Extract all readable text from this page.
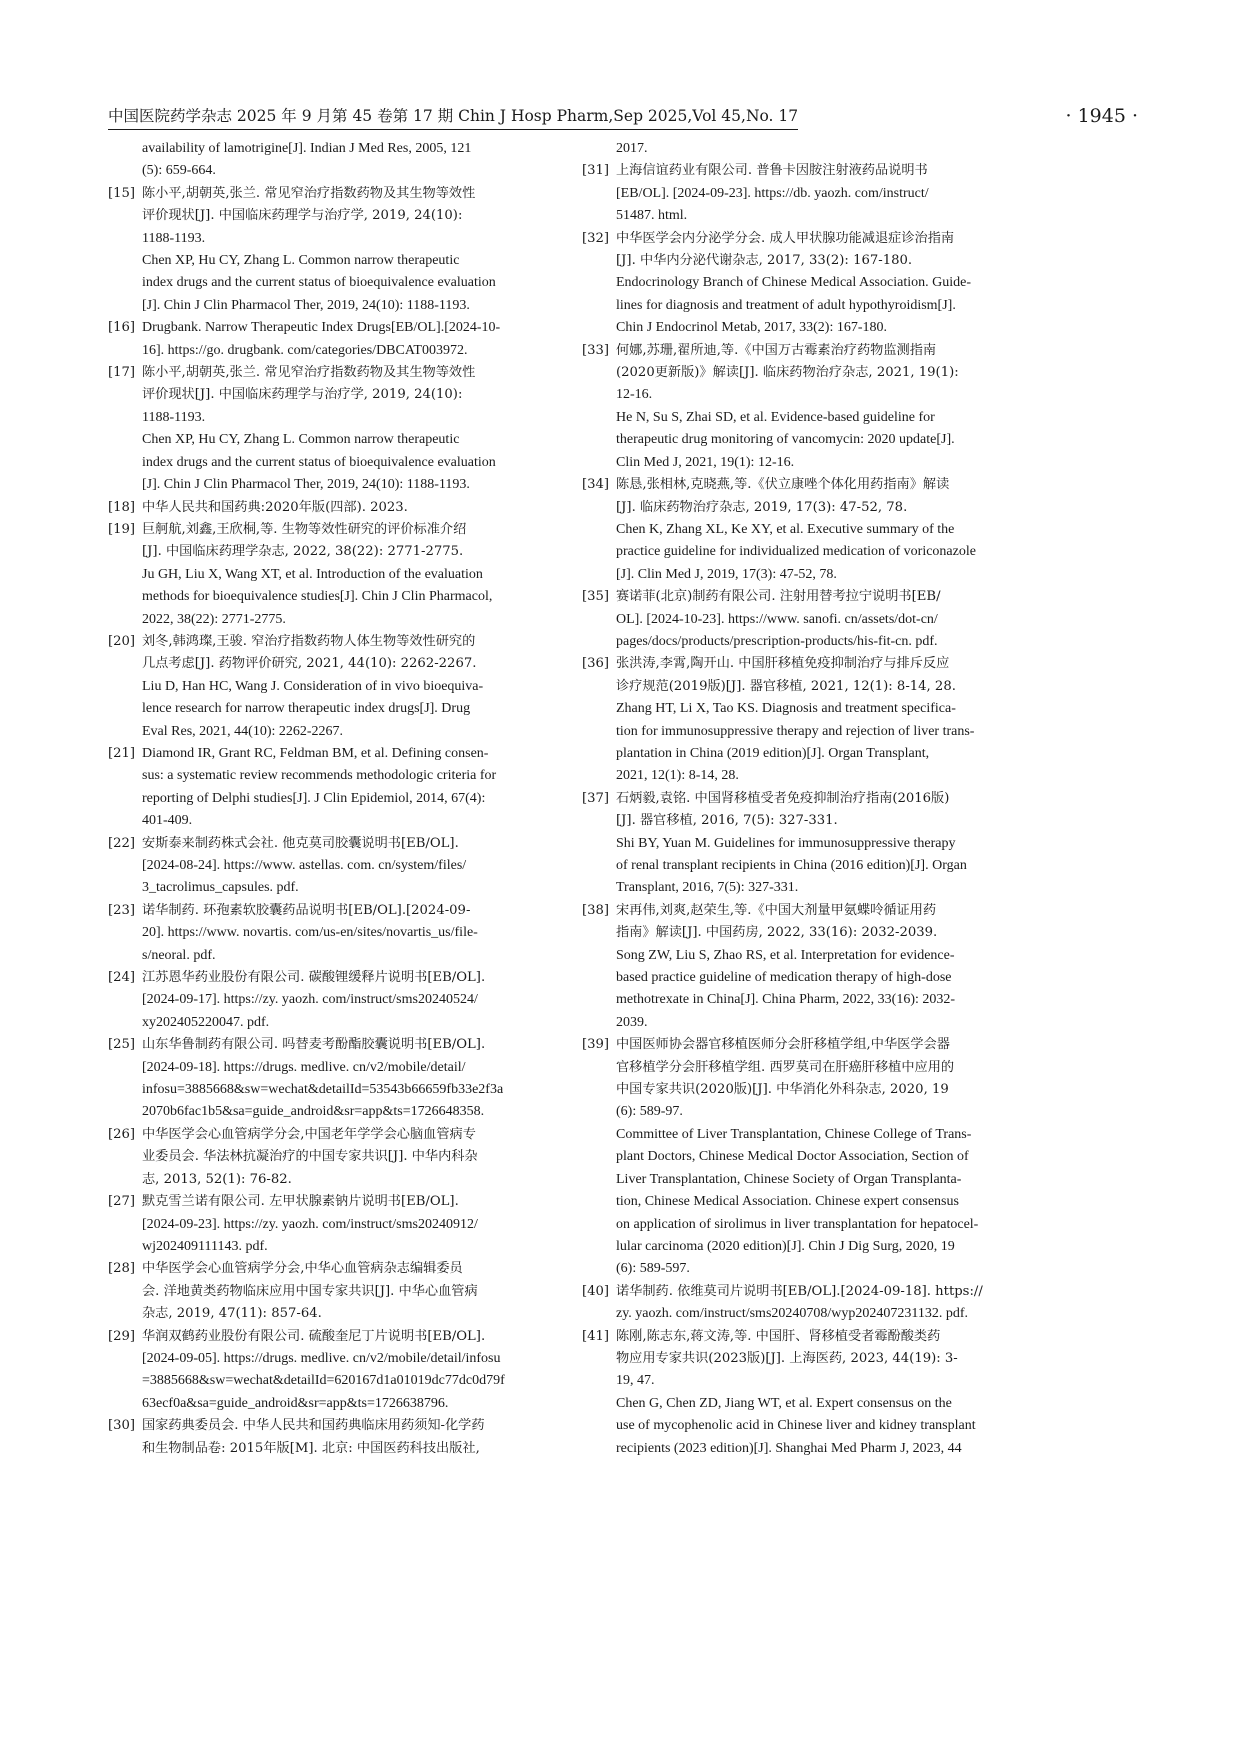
中国医院药学杂志 2025 年 9 月第 45 卷第 17 期 Chin J Hosp Pharm,Sep 2025,Vol 45,No. 17	· 1945 ·
availability of lamotrigine[J]. Indian J Med Res, 2005, 121
(5): 659-664.
[15] 陈小平,胡朝英,张兰. 常见窄治疗指数药物及其生物等效性
评价现状[J]. 中国临床药理学与治疗学, 2019, 24(10):
1188-1193.
Chen XP, Hu CY, Zhang L. Common narrow therapeutic
index drugs and the current status of bioequivalence evaluation
[J]. Chin J Clin Pharmacol Ther, 2019, 24(10): 1188-1193.
[16] Drugbank. Narrow Therapeutic Index Drugs[EB/OL].[2024-10-
16]. https://go. drugbank. com/categories/DBCAT003972.
[17] 陈小平,胡朝英,张兰. 常见窄治疗指数药物及其生物等效性
评价现状[J]. 中国临床药理学与治疗学, 2019, 24(10):
1188-1193.
Chen XP, Hu CY, Zhang L. Common narrow therapeutic
index drugs and the current status of bioequivalence evaluation
[J]. Chin J Clin Pharmacol Ther, 2019, 24(10): 1188-1193.
[18] 中华人民共和国药典:2020年版(四部). 2023.
[19] 巨舸航,刘鑫,王欣桐,等. 生物等效性研究的评价标准介绍
[J]. 中国临床药理学杂志, 2022, 38(22): 2771-2775.
Ju GH, Liu X, Wang XT, et al. Introduction of the evaluation
methods for bioequivalence studies[J]. Chin J Clin Pharmacol,
2022, 38(22): 2771-2775.
[20] 刘冬,韩鸿璨,王骏. 窄治疗指数药物人体生物等效性研究的
几点考虑[J]. 药物评价研究, 2021, 44(10): 2262-2267.
Liu D, Han HC, Wang J. Consideration of in vivo bioequiva-
lence research for narrow therapeutic index drugs[J]. Drug
Eval Res, 2021, 44(10): 2262-2267.
[21] Diamond IR, Grant RC, Feldman BM, et al. Defining consen-
sus: a systematic review recommends methodologic criteria for
reporting of Delphi studies[J]. J Clin Epidemiol, 2014, 67(4):
401-409.
[22] 安斯泰来制药株式会社. 他克莫司胶囊说明书[EB/OL].
[2024-08-24]. https://www. astellas. com. cn/system/files/
3_tacrolimus_capsules. pdf.
[23] 诺华制药. 环孢素软胶囊药品说明书[EB/OL].[2024-09-
20]. https://www. novartis. com/us-en/sites/novartis_us/file-
s/neoral. pdf.
[24] 江苏恩华药业股份有限公司. 碳酸锂缓释片说明书[EB/OL].
[2024-09-17]. https://zy. yaozh. com/instruct/sms20240524/
xy202405220047. pdf.
[25] 山东华鲁制药有限公司. 吗替麦考酚酯胶囊说明书[EB/OL].
[2024-09-18]. https://drugs. medlive. cn/v2/mobile/detail/
infosu=3885668&sw=wechat&detailId=53543b66659fb33e2f3a
2070b6fac1b5&sa=guide_android&sr=app&ts=1726648358.
[26] 中华医学会心血管病学分会,中国老年学学会心脑血管病专
业委员会. 华法林抗凝治疗的中国专家共识[J]. 中华内科杂
志, 2013, 52(1): 76-82.
[27] 默克雪兰诺有限公司. 左甲状腺素钠片说明书[EB/OL].
[2024-09-23]. https://zy. yaozh. com/instruct/sms20240912/
wj202409111143. pdf.
[28] 中华医学会心血管病学分会,中华心血管病杂志编辑委员
会. 洋地黄类药物临床应用中国专家共识[J]. 中华心血管病
杂志, 2019, 47(11): 857-64.
[29] 华润双鹤药业股份有限公司. 硫酸奎尼丁片说明书[EB/OL].
[2024-09-05]. https://drugs. medlive. cn/v2/mobile/detail/infosu
=3885668&sw=wechat&detailId=620167d1a01019dc77dc0d79f
63ecf0a&sa=guide_android&sr=app&ts=1726638796.
[30] 国家药典委员会. 中华人民共和国药典临床用药须知-化学药
和生物制品卷: 2015年版[M]. 北京: 中国医药科技出版社,
2017.
[31] 上海信谊药业有限公司. 普鲁卡因胺注射液药品说明书
[EB/OL]. [2024-09-23]. https://db. yaozh. com/instruct/
51487. html.
[32] 中华医学会内分泌学分会. 成人甲状腺功能减退症诊治指南
[J]. 中华内分泌代谢杂志, 2017, 33(2): 167-180.
Endocrinology Branch of Chinese Medical Association. Guide-
lines for diagnosis and treatment of adult hypothyroidism[J].
Chin J Endocrinol Metab, 2017, 33(2): 167-180.
[33] 何娜,苏珊,翟所迪,等.《中国万古霉素治疗药物监测指南
(2020更新版)》解读[J]. 临床药物治疗杂志, 2021, 19(1):
12-16.
He N, Su S, Zhai SD, et al. Evidence-based guideline for
therapeutic drug monitoring of vancomycin: 2020 update[J].
Clin Med J, 2021, 19(1): 12-16.
[34] 陈恳,张相林,克晓燕,等.《伏立康唑个体化用药指南》解读
[J]. 临床药物治疗杂志, 2019, 17(3): 47-52, 78.
Chen K, Zhang XL, Ke XY, et al. Executive summary of the
practice guideline for individualized medication of voriconazole
[J]. Clin Med J, 2019, 17(3): 47-52, 78.
[35] 赛诺菲(北京)制药有限公司. 注射用替考拉宁说明书[EB/
OL]. [2024-10-23]. https://www. sanofi. cn/assets/dot-cn/
pages/docs/products/prescription-products/his-fit-cn. pdf.
[36] 张洪涛,李霄,陶开山. 中国肝移植免疫抑制治疗与排斥反应
诊疗规范(2019版)[J]. 器官移植, 2021, 12(1): 8-14, 28.
Zhang HT, Li X, Tao KS. Diagnosis and treatment specifica-
tion for immunosuppressive therapy and rejection of liver trans-
plantation in China (2019 edition)[J]. Organ Transplant,
2021, 12(1): 8-14, 28.
[37] 石炳毅,袁铭. 中国肾移植受者免疫抑制治疗指南(2016版)
[J]. 器官移植, 2016, 7(5): 327-331.
Shi BY, Yuan M. Guidelines for immunosuppressive therapy
of renal transplant recipients in China (2016 edition)[J]. Organ
Transplant, 2016, 7(5): 327-331.
[38] 宋再伟,刘爽,赵荣生,等.《中国大剂量甲氨蝶呤循证用药
指南》解读[J]. 中国药房, 2022, 33(16): 2032-2039.
Song ZW, Liu S, Zhao RS, et al. Interpretation for evidence-
based practice guideline of medication therapy of high-dose
methotrexate in China[J]. China Pharm, 2022, 33(16): 2032-
2039.
[39] 中国医师协会器官移植医师分会肝移植学组,中华医学会器
官移植学分会肝移植学组. 西罗莫司在肝癌肝移植中应用的
中国专家共识(2020版)[J]. 中华消化外科杂志, 2020, 19
(6): 589-97.
Committee of Liver Transplantation, Chinese College of Trans-
plant Doctors, Chinese Medical Doctor Association, Section of
Liver Transplantation, Chinese Society of Organ Transplanta-
tion, Chinese Medical Association. Chinese expert consensus
on application of sirolimus in liver transplantation for hepatocel-
lular carcinoma (2020 edition)[J]. Chin J Dig Surg, 2020, 19
(6): 589-597.
[40] 诺华制药. 依维莫司片说明书[EB/OL].[2024-09-18]. https://
zy. yaozh. com/instruct/sms20240708/wyp202407231132. pdf.
[41] 陈刚,陈志东,蒋文涛,等. 中国肝、肾移植受者霉酚酸类药
物应用专家共识(2023版)[J]. 上海医药, 2023, 44(19): 3-
19, 47.
Chen G, Chen ZD, Jiang WT, et al. Expert consensus on the
use of mycophenolic acid in Chinese liver and kidney transplant
recipients (2023 edition)[J]. Shanghai Med Pharm J, 2023, 44
